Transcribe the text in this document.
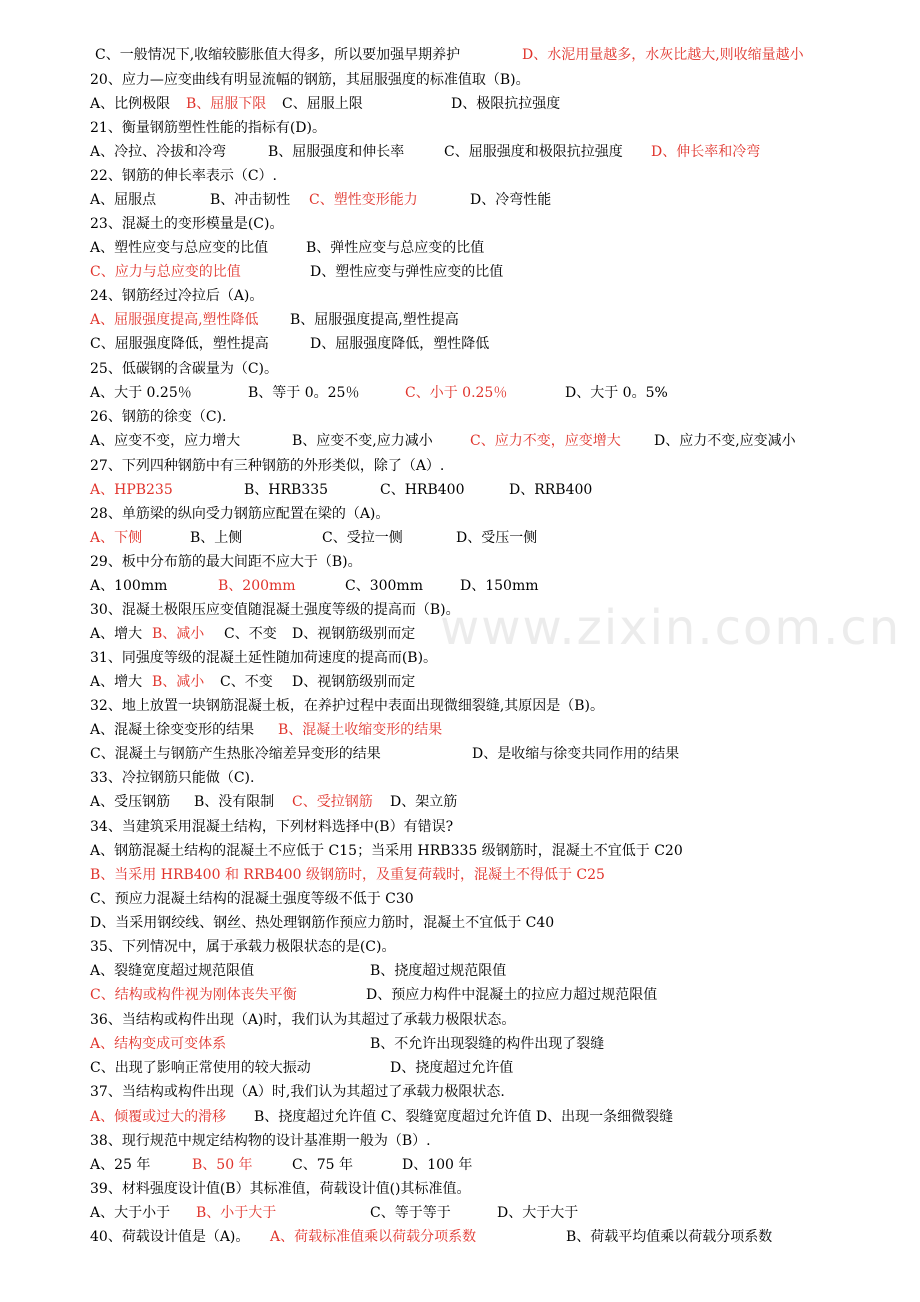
www.zixin.com.cn
C、一般情况下,收缩较膨胀值大得多，所以要加强早期养护	D、水泥用量越多，水灰比越大,则收缩量越小
20、应力—应变曲线有明显流幅的钢筋，其屈服强度的标准值取（B)。
A、比例极限 B、屈服下限 C、屈服上限	D、极限抗拉强度
21、衡量钢筋塑性性能的指标有(D)。
A、冷拉、冷拔和冷弯	B、屈服强度和伸长率	C、屈服强度和极限抗拉强度 D、伸长率和冷弯
22、钢筋的伸长率表示（C）.
A、屈服点	B、冲击韧性 C、塑性变形能力	D、冷弯性能
23、混凝土的变形模量是(C)。
A、塑性应变与总应变的比值	B、弹性应变与总应变的比值
C、应力与总应变的比值	D、塑性应变与弹性应变的比值
24、钢筋经过冷拉后（A)。
A、屈服强度提高,塑性降低 B、屈服强度提高,塑性提高
C、屈服强度降低，塑性提高	D、屈服强度降低，塑性降低
25、低碳钢的含碳量为（C)。
A、大于 0.25％	B、等于 0。25％	C、小于 0.25％	D、大于 0。5%
26、钢筋的徐变（C).
A、应变不变，应力增大	B、应变不变,应力减小	C、应力不变，应变增大 D、应力不变,应变减小
27、下列四种钢筋中有三种钢筋的外形类似，除了（A）.
A、HPB235	B、HRB335	C、HRB400	D、RRB400
28、单筋梁的纵向受力钢筋应配置在梁的（A)。
A、下侧	B、上侧	C、受拉一侧	D、受压一侧
29、板中分布筋的最大间距不应大于（B)。
A、100mm	B、200mm	C、300mm	D、150mm
30、混凝土极限压应变值随混凝土强度等级的提高而（B)。
A、增大 B、减小 C、不变 D、视钢筋级别而定
31、同强度等级的混凝土延性随加荷速度的提高而(B)。
A、增大 B、减小 C、不变 D、视钢筋级别而定
32、地上放置一块钢筋混凝土板，在养护过程中表面出现微细裂缝,其原因是（B)。
A、混凝土徐变变形的结果 B、混凝土收缩变形的结果
C、混凝土与钢筋产生热胀冷缩差异变形的结果	D、是收缩与徐变共同作用的结果
33、冷拉钢筋只能做（C).
A、受压钢筋 B、没有限制 C、受拉钢筋 D、架立筋
34、当建筑采用混凝土结构，下列材料选择中(B）有错误?
A、钢筋混凝土结构的混凝土不应低于 C15；当采用 HRB335 级钢筋时，混凝土不宜低于 C20
B、当采用 HRB400 和 RRB400 级钢筋时，及重复荷载时，混凝土不得低于 C25
C、预应力混凝土结构的混凝土强度等级不低于 C30
D、当采用钢绞线、钢丝、热处理钢筋作预应力筋时，混凝土不宜低于 C40
35、下列情况中，属于承载力极限状态的是(C)。
A、裂缝宽度超过规范限值	B、挠度超过规范限值
C、结构或构件视为刚体丧失平衡	D、预应力构件中混凝土的拉应力超过规范限值
36、当结构或构件出现（A)时，我们认为其超过了承载力极限状态。
A、结构变成可变体系	B、不允许出现裂缝的构件出现了裂缝
C、出现了影响正常使用的较大振动	D、挠度超过允许值
37、当结构或构件出现（A）时,我们认为其超过了承载力极限状态.
A、倾覆或过大的滑移 B、挠度超过允许值 C、裂缝宽度超过允许值 D、出现一条细微裂缝
38、现行规范中规定结构物的设计基准期一般为（B）.
A、25 年	B、50 年	C、75 年	D、100 年
39、材料强度设计值(B）其标准值，荷载设计值()其标准值。
A、大于小于 B、小于大于	C、等于等于	D、大于大于
40、荷载设计值是（A)。 A、荷载标准值乘以荷载分项系数	B、荷载平均值乘以荷载分项系数
